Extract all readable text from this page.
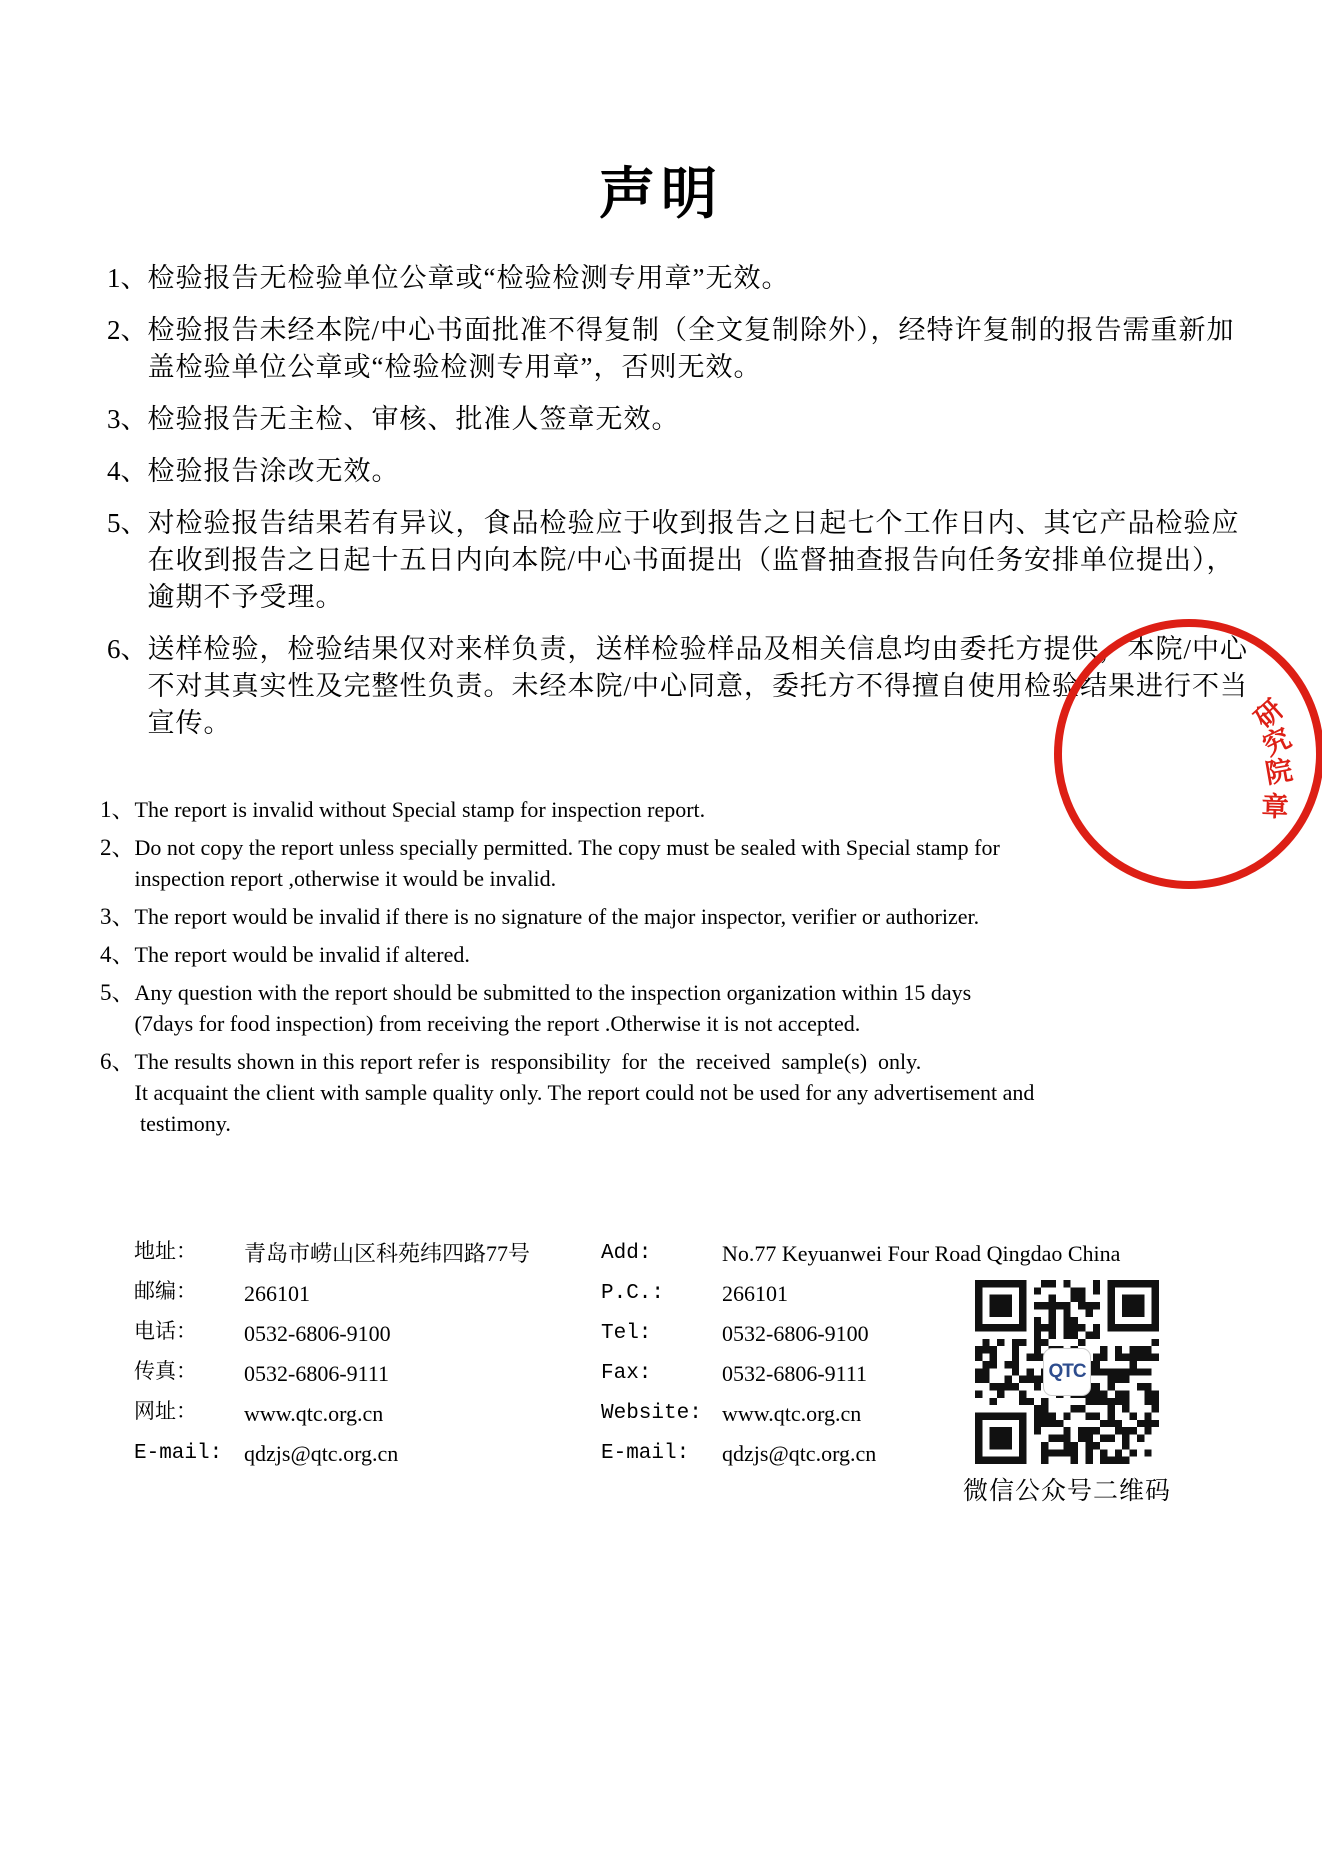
声明
1、 检验报告无检验单位公章或“检验检测专用章”无效。
2、 检验报告未经本院/中心书面批准不得复制（全文复制除外），经特许复制的报告需重新加
盖检验单位公章或“检验检测专用章”，否则无效。
3、 检验报告无主检、审核、批准人签章无效。
4、 检验报告涂改无效。
5、 对检验报告结果若有异议，食品检验应于收到报告之日起七个工作日内、其它产品检验应
在收到报告之日起十五日内向本院/中心书面提出（监督抽查报告向任务安排单位提出），
逾期不予受理。
6、 送样检验，检验结果仅对来样负责，送样检验样品及相关信息均由委托方提供，本院/中心
不对其真实性及完整性负责。未经本院/中心同意，委托方不得擅自使用检验结果进行不当
宣传。
1、 The report is invalid without Special stamp for inspection report.
2、 Do not copy the report unless specially permitted. The copy must be sealed with Special stamp for
inspection report ,otherwise it would be invalid.
3、 The report would be invalid if there is no signature of the major inspector, verifier or authorizer.
4、 The report would be invalid if altered.
5、 Any question with the report should be submitted to the inspection organization within 15 days
(7days for food inspection) from receiving the report .Otherwise it is not accepted.
6、 The results shown in this report refer is  responsibility  for  the  received  sample(s)  only.
It acquaint the client with sample quality only. The report could not be used for any advertisement and
testimony.
地址：	青岛市崂山区科苑纬四路77号
邮编：	266101
电话：	0532-6806-9100
传真：	0532-6806-9111
网址：	www.qtc.org.cn
E-mail: qdzjs@qtc.org.cn
Add:	No.77 Keyuanwei Four Road Qingdao China
P.C.:	266101
Tel:	0532-6806-9100
Fax:	0532-6806-9111
Website: www.qtc.org.cn
E-mail:	qdzjs@qtc.org.cn
QTC
微信公众号二维码
研
究
院
章
